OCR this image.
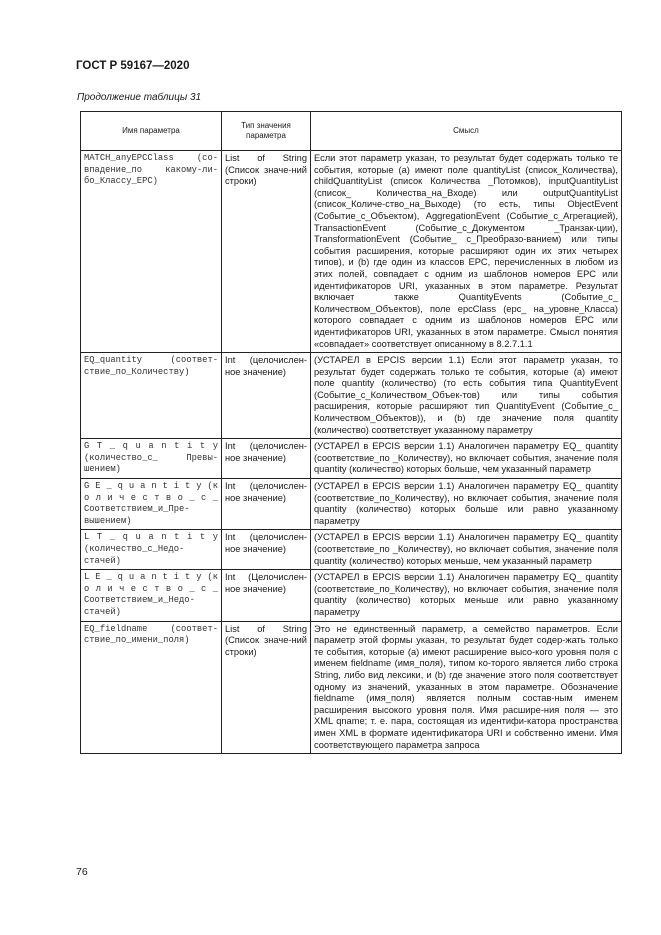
ГОСТ Р 59167—2020
Продолжение таблицы 31
Имя параметра	Тип значения параметра	Смысл
MATCH_anyEPCClass (со-впадение_по какому-ли-бо_Классу_EPC)	List of String (Список значе-ний строки)	Если этот параметр указан, то результат будет содержать только те события, которые (а) имеют поле quantityList (список_Количества), childQuantityList (список Количества _Потомков), inputQuantityList (список_ Количества_на_Входе) или outputQuantityList (список_Количе-ство_на_Выходе) (то есть, типы ObjectEvent (Событие_с_Объектом), AggregationEvent (Событие_с_Агрегацией), TransactionEvent (Событие_с_Документом _Транзак-ции), TransformationEvent (Событие_ с_Преобразо-ванием) или типы события расширения, которые расширяют один их этих четырех типов), и (b) где один из классов EPC, перечисленных в любом из этих полей, совпадает с одним из шаблонов номеров EPC или идентификаторов URI, указанных в этом параметре. Результат включает также QuantityEvents (Событие_с_ Количеством_Объектов), поле epcClass (epc_ на_уровне_Класса) которого совпадает с одним из шаблонов номеров EPC или идентификаторов URI, указанных в этом параметре. Смысл понятия «совпадает» соответствует описанному в 8.2.7.1.1
EQ_quantity (соответ-ствие_по_Количеству)	Int (целочислен-ное значение)	(УСТАРЕЛ в EPCIS версии 1.1) Если этот параметр указан, то результат будет содержать только те события, которые (а) имеют поле quantity (количество) (то есть события типа QuantityEvent (Событие_с_Количеством_Объек-тов) или типы события расширения, которые расширяют тип QuantityEvent (Событие_с_ Количеством_Объектов)), и (b) где значение поля quantity (количество) соответствует указанному параметру
G T _ q u a n t i t y (количество_с_ Превы-шением)	Int (целочислен-ное значение)	(УСТАРЕЛ в EPCIS версии 1.1) Аналогичен параметру EQ_ quantity (соответствие_по _Количеству), но включает события, значение поля quantity (количество) которых больше, чем указанный параметр
G E _ q u a n t i t y (к о л и ч е с т в о _ с _ Соответствием_и_Пре-вышением)	Int (целочислен-ное значение)	(УСТАРЕЛ в EPCIS версии 1.1) Аналогичен параметру EQ_ quantity (соответствие_по_Количеству), но включает события, значение поля quantity (количество) которых больше или равно указанному параметру
L T _ q u a n t i t y (количество_с_Недо-стачей)	Int (целочислен-ное значение)	(УСТАРЕЛ в EPCIS версии 1.1) Аналогичен параметру EQ_ quantity (соответствие_по _Количеству), но включает события, значение поля quantity (количество) которых меньше, чем указанный параметр
L E _ q u a n t i t y (к о л и ч е с т в о _ с _ Соответствием_и_Недо-стачей)	Int (Целочислен-ное значение)	(УСТАРЕЛ в EPCIS версии 1.1) Аналогичен параметру EQ_ quantity (соответствие_по_Количеству), но включает события, значение поля quantity (количество) которых меньше или равно указанному параметру
EQ_fieldname (соответ-ствие_по_имени_поля)	List of String (Список значе-ний строки)	Это не единственный параметр, а семейство параметров. Если параметр этой формы указан, то результат будет содер-жать только те события, которые (а) имеют расширение высо-кого уровня поля с именем fieldname (имя_поля), типом ко-торого является либо строка String, либо вид лексики, и (b) где значение этого поля соответствует одному из значений, указанных в этом параметре. Обозначение fieldname (имя_поля) является полным состав-ным именем расширения высокого уровня поля. Имя расшире-ния поля — это XML qname; т. е. пара, состоящая из идентифи-катора пространства имен XML в формате идентификатора URI и собственно имени. Имя соответствующего параметра запроса
76
